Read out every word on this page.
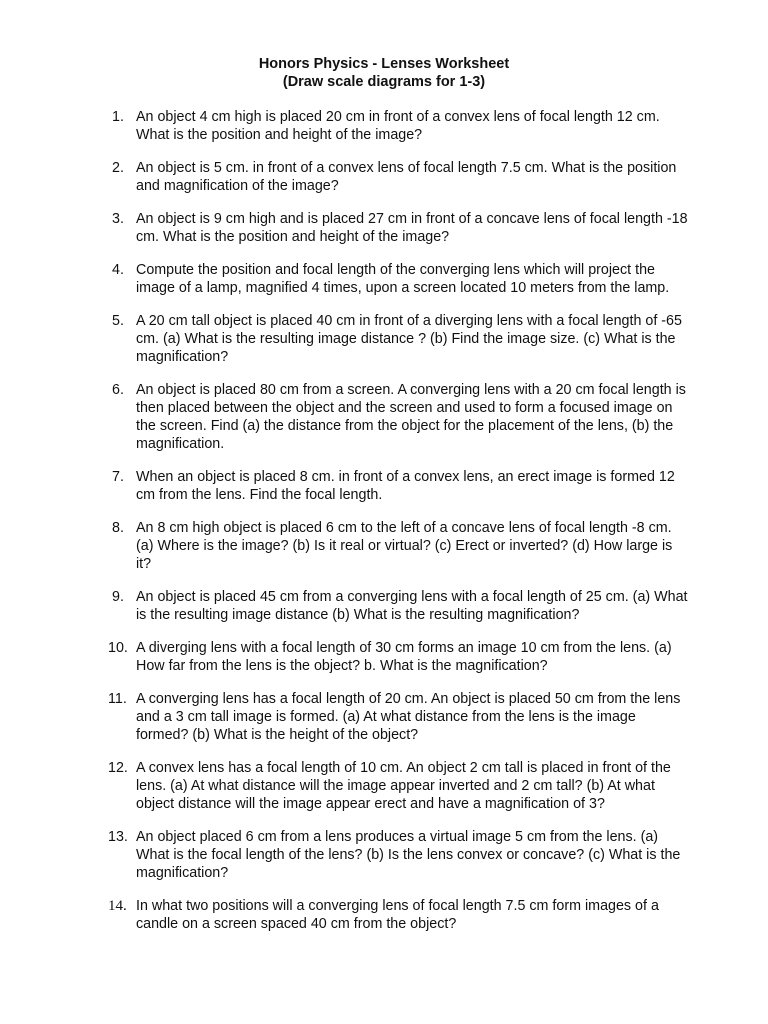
Honors Physics - Lenses Worksheet
(Draw scale diagrams for 1-3)
1. An object 4 cm high is placed 20 cm in front of a convex lens of focal length 12 cm. What is the position and height of the image?
2. An object is 5 cm. in front of a convex lens of focal length 7.5 cm. What is the position and magnification of the image?
3. An object is 9 cm high and is placed 27 cm in front of a concave lens of focal length -18 cm. What is the position and height of the image?
4. Compute the position and focal length of the converging lens which will project the image of a lamp, magnified 4 times, upon a screen located 10 meters from the lamp.
5. A 20 cm tall object is placed 40 cm in front of a diverging lens with a focal length of -65 cm. (a) What is the resulting image distance ? (b) Find the image size. (c) What is the magnification?
6. An object is placed 80 cm from a screen. A converging lens with a 20 cm focal length is then placed between the object and the screen and used to form a focused image on the screen. Find (a) the distance from the object for the placement of the lens, (b) the magnification.
7. When an object is placed 8 cm. in front of a convex lens, an erect image is formed 12 cm from the lens. Find the focal length.
8. An 8 cm high object is placed 6 cm to the left of a concave lens of focal length -8 cm. (a) Where is the image? (b) Is it real or virtual? (c) Erect or inverted? (d) How large is it?
9. An object is placed 45 cm from a converging lens with a focal length of 25 cm. (a) What is the resulting image distance (b) What is the resulting magnification?
10. A diverging lens with a focal length of 30 cm forms an image 10 cm from the lens. (a) How far from the lens is the object? b. What is the magnification?
11. A converging lens has a focal length of 20 cm. An object is placed 50 cm from the lens and a 3 cm tall image is formed. (a) At what distance from the lens is the image formed? (b) What is the height of the object?
12. A convex lens has a focal length of 10 cm. An object 2 cm tall is placed in front of the lens. (a) At what distance will the image appear inverted and 2 cm tall? (b) At what object distance will the image appear erect and have a magnification of 3?
13. An object placed 6 cm from a lens produces a virtual image 5 cm from the lens. (a) What is the focal length of the lens? (b) Is the lens convex or concave? (c) What is the magnification?
14. In what two positions will a converging lens of focal length 7.5 cm form images of a candle on a screen spaced 40 cm from the object?
